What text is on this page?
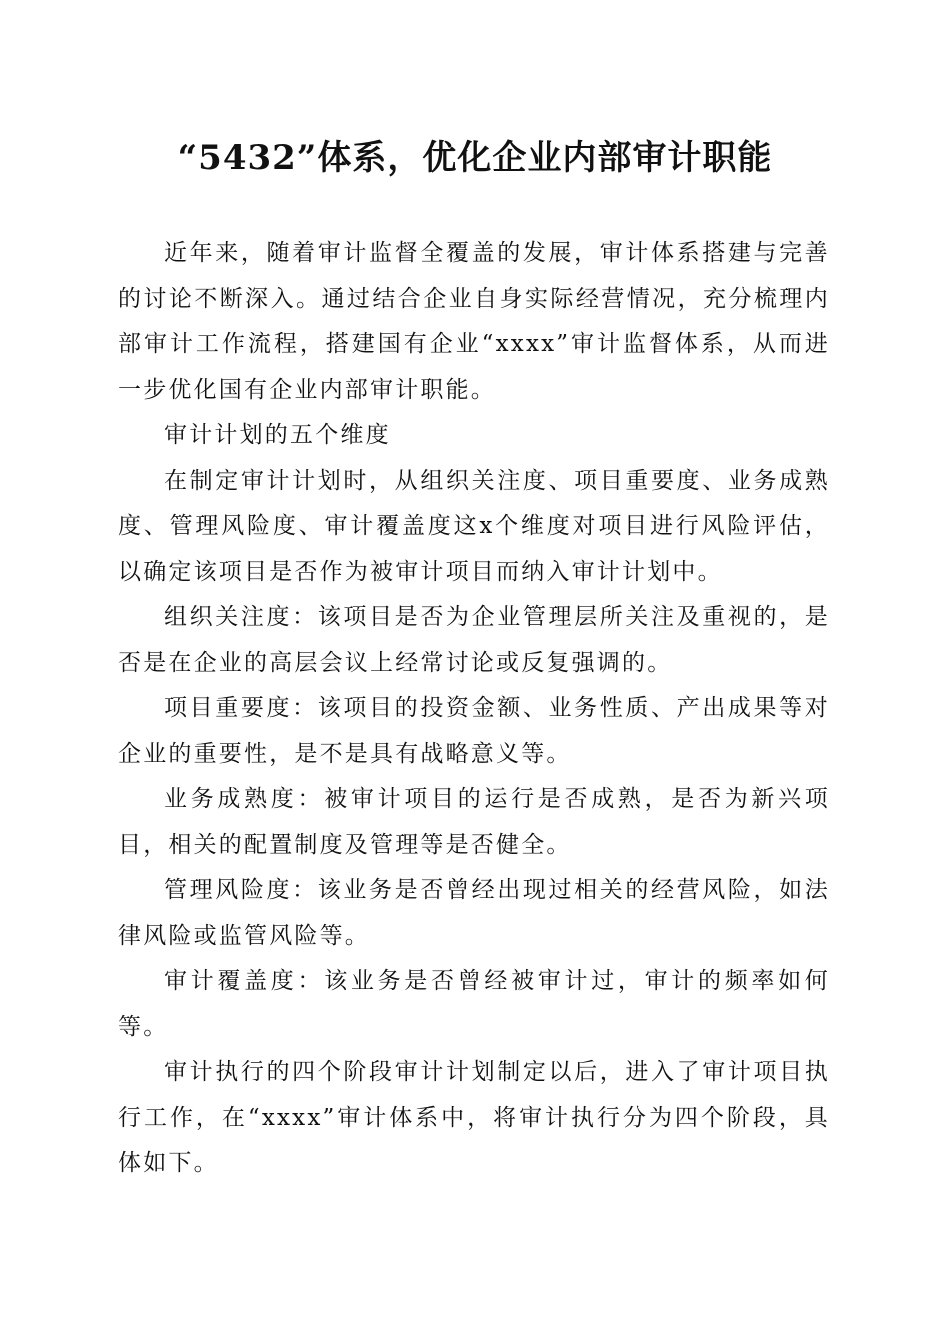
“5432”体系，优化企业内部审计职能

近年来，随着审计监督全覆盖的发展，审计体系搭建与完善的讨论不断深入。通过结合企业自身实际经营情况，充分梳理内部审计工作流程，搭建国有企业“xxxx”审计监督体系，从而进一步优化国有企业内部审计职能。

审计计划的五个维度

在制定审计计划时，从组织关注度、项目重要度、业务成熟度、管理风险度、审计覆盖度这x个维度对项目进行风险评估，以确定该项目是否作为被审计项目而纳入审计计划中。

组织关注度：该项目是否为企业管理层所关注及重视的，是否是在企业的高层会议上经常讨论或反复强调的。

项目重要度：该项目的投资金额、业务性质、产出成果等对企业的重要性，是不是具有战略意义等。

业务成熟度：被审计项目的运行是否成熟，是否为新兴项目，相关的配置制度及管理等是否健全。

管理风险度：该业务是否曾经出现过相关的经营风险，如法律风险或监管风险等。

审计覆盖度：该业务是否曾经被审计过，审计的频率如何等。

审计执行的四个阶段审计计划制定以后，进入了审计项目执行工作，在“xxxx”审计体系中，将审计执行分为四个阶段，具体如下。
